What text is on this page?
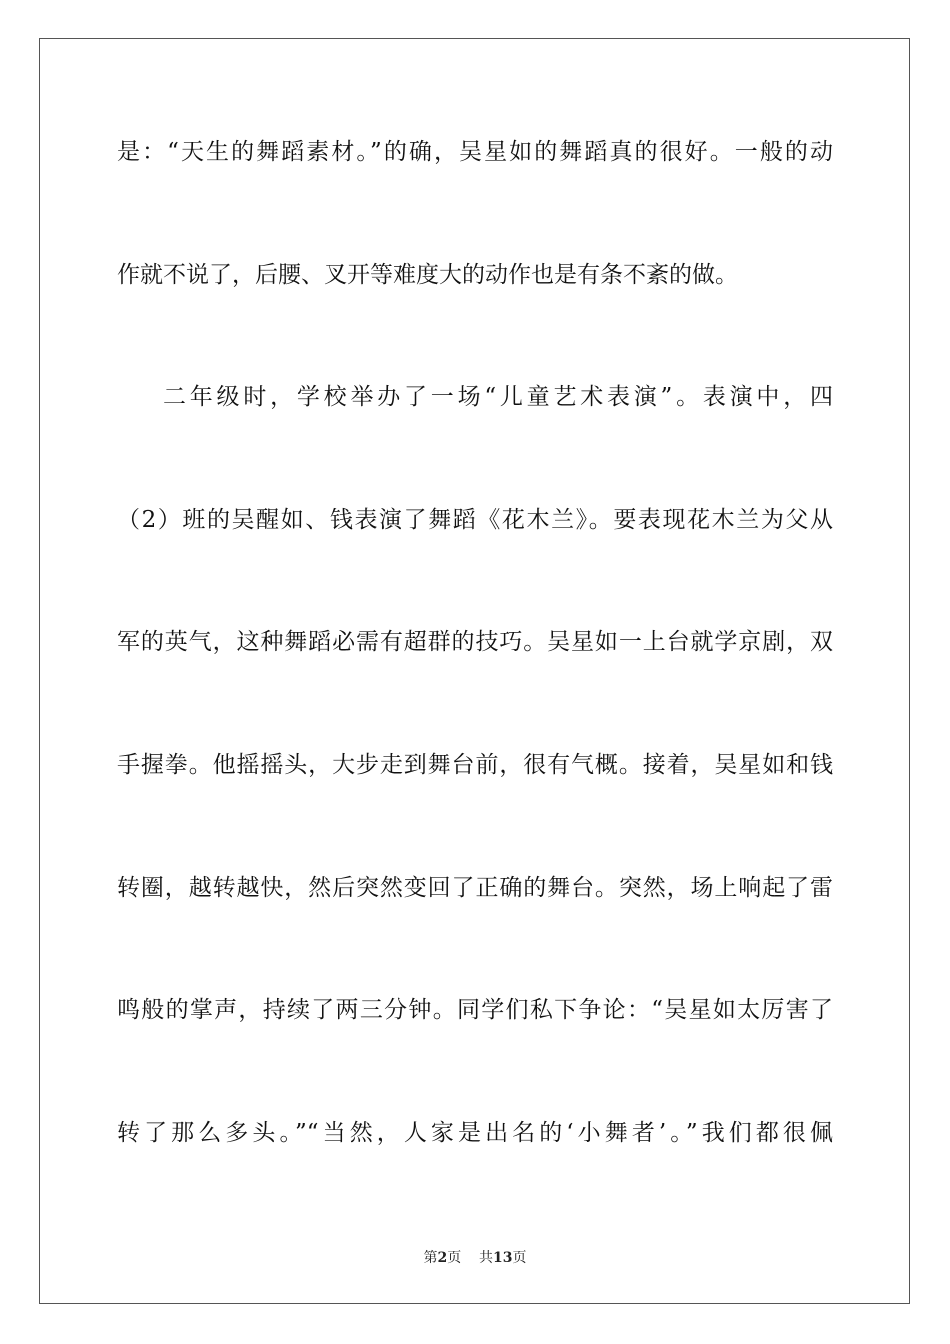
是：“天生的舞蹈素材。”的确，吴星如的舞蹈真的很好。一般的动
作就不说了，后腰、叉开等难度大的动作也是有条不紊的做。
二年级时，学校举办了一场“儿童艺术表演”。表演中，四
（2）班的吴醒如、钱表演了舞蹈《花木兰》。要表现花木兰为父从
军的英气，这种舞蹈必需有超群的技巧。吴星如一上台就学京剧，双
手握拳。他摇摇头，大步走到舞台前，很有气概。接着，吴星如和钱
转圈，越转越快，然后突然变回了正确的舞台。突然，场上响起了雷
鸣般的掌声，持续了两三分钟。同学们私下争论：“吴星如太厉害了
转了那么多头。”“当然，人家是出名的‘小舞者’。”我们都很佩
第2页 共13页
